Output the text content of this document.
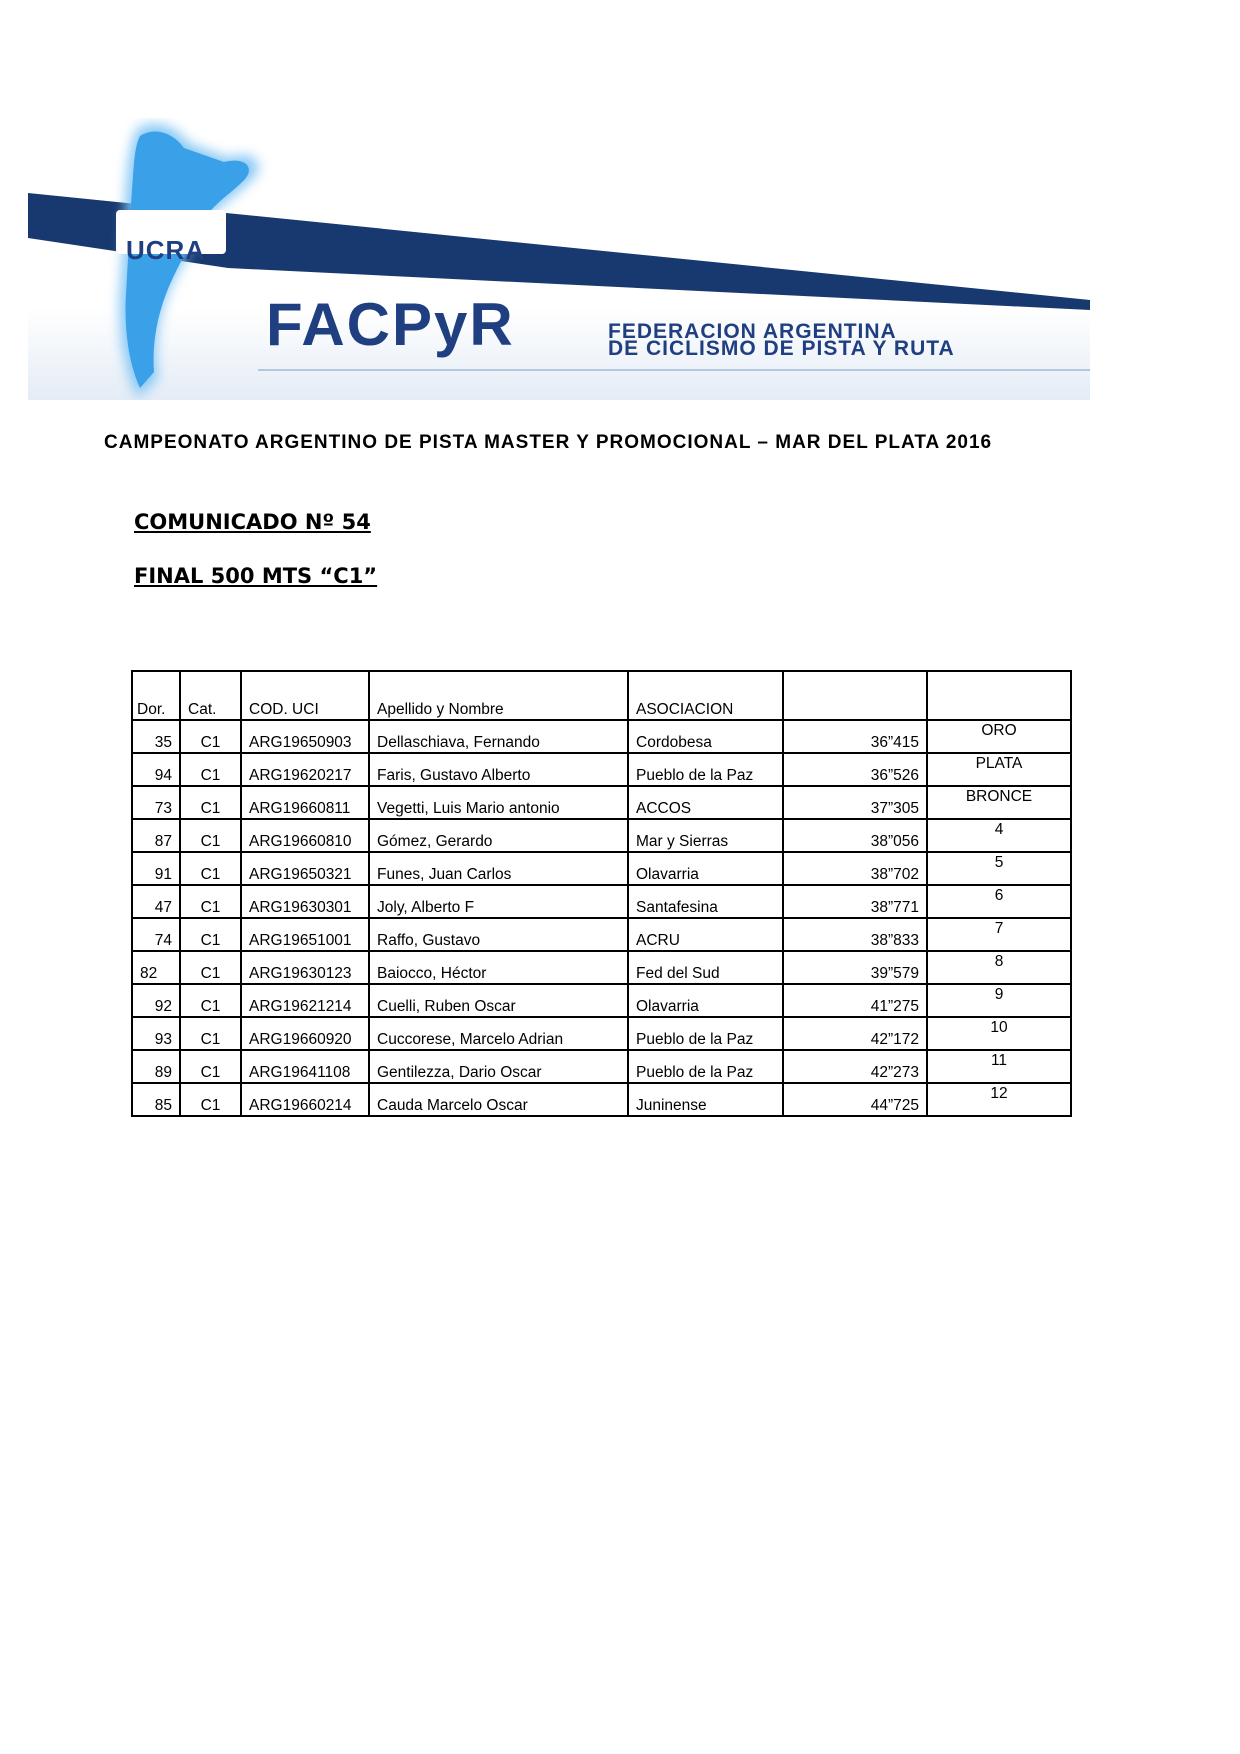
UCRA
FACPyR	FEDERACION ARGENTINA
DE CICLISMO DE PISTA Y RUTA
CAMPEONATO ARGENTINO DE PISTA MASTER Y PROMOCIONAL – MAR DEL PLATA 2016
COMUNICADO Nº 54
FINAL 500 MTS “C1”
Dor.	Cat.	COD. UCI	Apellido y Nombre	ASOCIACION		
35	C1	ARG19650903	Dellaschiava, Fernando	Cordobesa	36”415	ORO
94	C1	ARG19620217	Faris, Gustavo Alberto	Pueblo de la Paz	36”526	PLATA
73	C1	ARG19660811	Vegetti, Luis Mario antonio	ACCOS	37”305	BRONCE
87	C1	ARG19660810	Gómez, Gerardo	Mar y Sierras	38”056	4
91	C1	ARG19650321	Funes, Juan Carlos	Olavarria	38”702	5
47	C1	ARG19630301	Joly, Alberto F	Santafesina	38”771	6
74	C1	ARG19651001	Raffo, Gustavo	ACRU	38”833	7
82	C1	ARG19630123	Baiocco, Héctor	Fed del Sud	39”579	8
92	C1	ARG19621214	Cuelli, Ruben Oscar	Olavarria	41”275	9
93	C1	ARG19660920	Cuccorese, Marcelo Adrian	Pueblo de la Paz	42”172	10
89	C1	ARG19641108	Gentilezza, Dario Oscar	Pueblo de la Paz	42”273	11
85	C1	ARG19660214	Cauda Marcelo Oscar	Juninense	44”725	12
